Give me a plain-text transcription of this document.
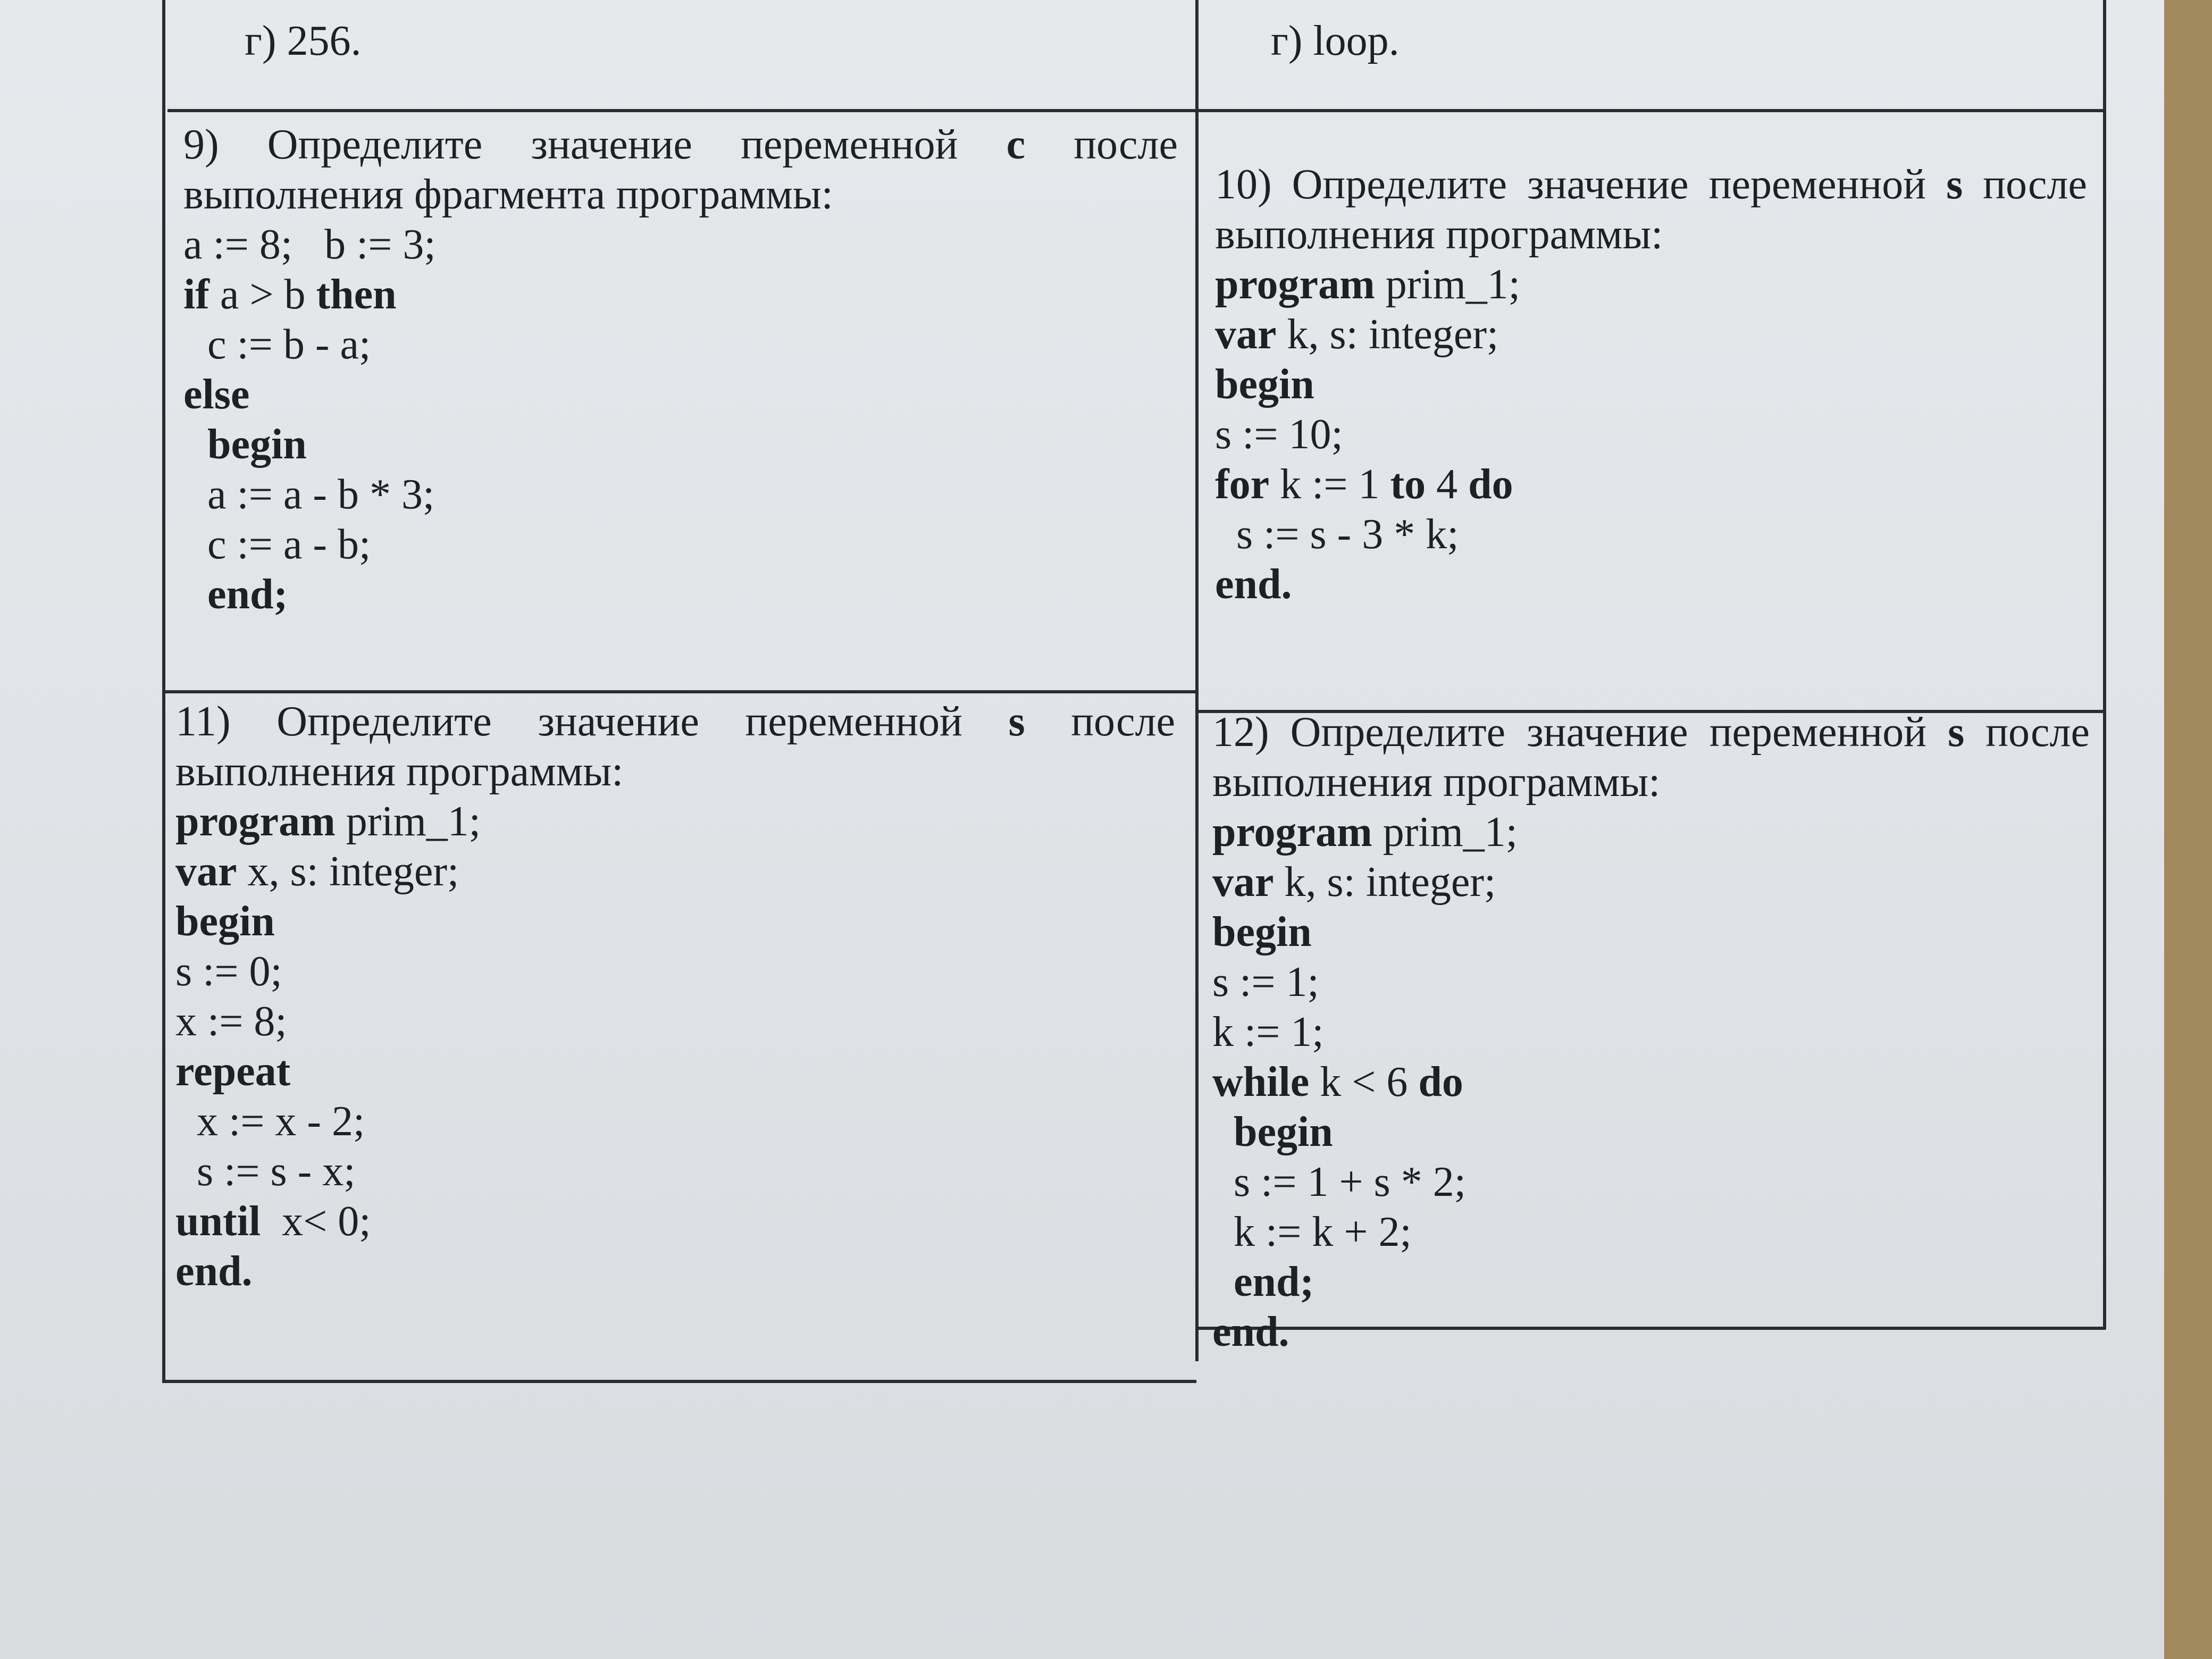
г) 256.	г) loop.
9) Определите значение переменной c после
выполнения фрагмента программы:
a := 8;   b := 3;
if a > b then
c := b - a;
else
begin
a := a - b * 3;
c := a - b;
end;
10) Определите значение переменной s после
выполнения программы:
program prim_1;
var k, s: integer;
begin
s := 10;
for k := 1 to 4 do
s := s - 3 * k;
end.
11) Определите значение переменной s после
выполнения программы:
program prim_1;
var x, s: integer;
begin
s := 0;
x := 8;
repeat
x := x - 2;
s := s - x;
until  x< 0;
end.
12) Определите значение переменной s после
выполнения программы:
program prim_1;
var k, s: integer;
begin
s := 1;
k := 1;
while k < 6 do
begin
s := 1 + s * 2;
k := k + 2;
end;
end.
